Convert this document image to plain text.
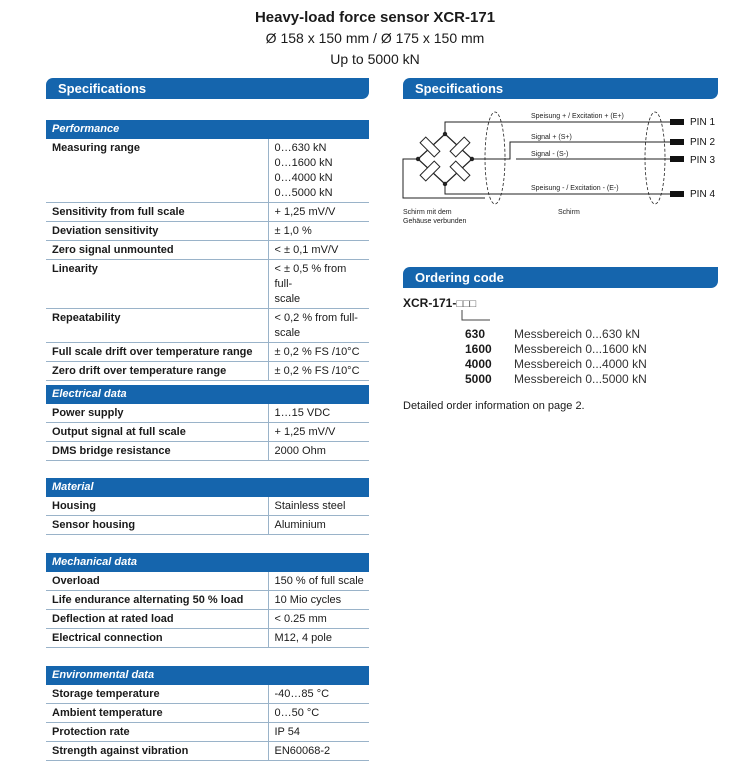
Heavy-load force sensor XCR-171
Ø 158 x 150 mm / Ø 175 x 150 mm
Up to 5000 kN
Specifications	Specifications
Ordering code
Performance	
Measuring range	0…630 kN
0…1600 kN
0…4000 kN
0…5000 kN

Sensitivity from full scale	+ 1,25 mV/V

Deviation sensitivity	± 1,0 %

Zero signal unmounted	< ± 0,1 mV/V

Linearity	< ± 0,5 % from full-
scale

Repeatability	< 0,2 % from full-
scale

Full scale drift over temperature range	± 0,2 % FS /10°C

Zero drift over temperature range	± 0,2 % FS /10°C
Electrical data	
Power supply	1…15 VDC
Output signal at full scale	+ 1,25 mV/V
DMS bridge resistance	2000 Ohm
Material	
Housing	Stainless steel
Sensor housing	Aluminium
Mechanical data	
Overload	150 % of full scale
Life endurance alternating 50 % load	10 Mio cycles
Deflection at rated load	< 0.25 mm
Electrical connection	M12, 4 pole
Environmental data	
Storage temperature	-40…85 °C
Ambient temperature	0…50 °C
Protection rate	IP 54
Strength against vibration	EN60068-2
Speisung + / Excitation + (E+)
Signal + (S+)
Signal - (S-)
Speisung - / Excitation - (E-)
Schirm mit dem
Gehäuse verbunden
Schirm
PIN 1
PIN 2
PIN 3
PIN 4
XCR-171-□□□
630	Messbereich 0...630 kN
1600	Messbereich 0...1600 kN
4000	Messbereich 0...4000 kN
5000	Messbereich 0...5000 kN
Detailed order information on page 2.
